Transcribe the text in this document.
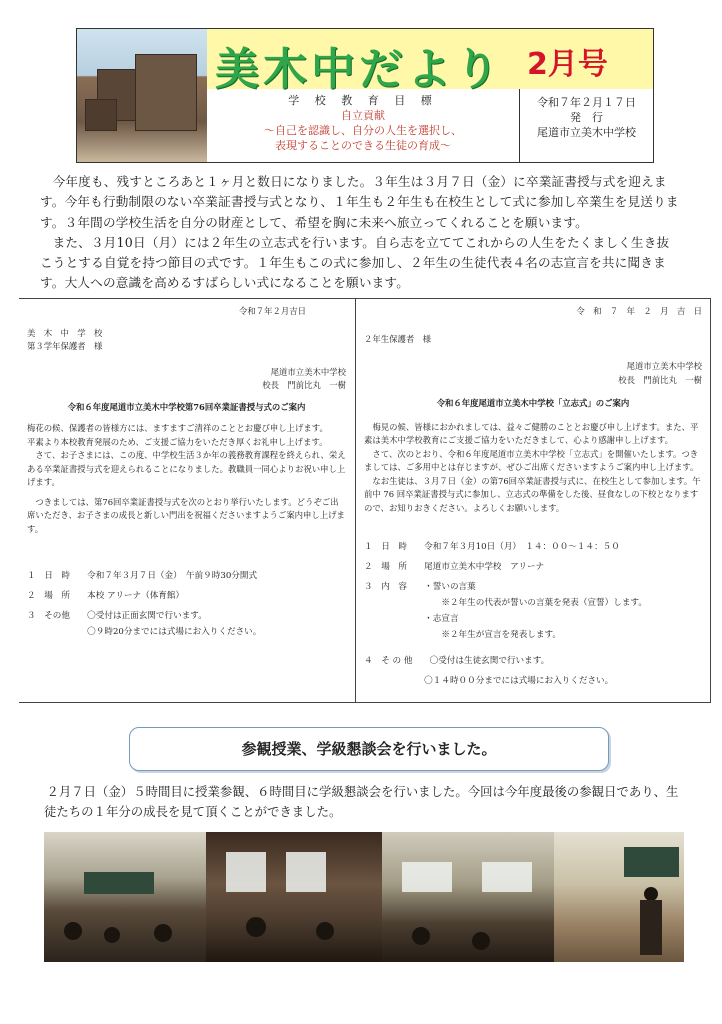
美木中だより 2月号
学 校 教 育 目 標
自立貢献
～自己を認識し、自分の人生を選択し、
表現することのできる生徒の育成～
令和７年２月１７日
発　行
尾道市立美木中学校

今年度も、残すところあと１ヶ月と数日になりました。３年生は３月７日（金）に卒業証書授与式を迎えます。今年も行動制限のない卒業証書授与式となり、１年生も２年生も在校生として式に参加し卒業生を見送ります。３年間の学校生活を自分の財産として、希望を胸に未来へ旅立ってくれることを願います。

また、３月10日（月）には２年生の立志式を行います。自ら志を立ててこれからの人生をたくましく生き抜こうとする自覚を持つ節目の式です。１年生もこの式に参加し、２年生の生徒代表４名の志宣言を共に聞きます。大人への意識を高めるすばらしい式になることを願います。

令和７年２月吉日

美　木　中　学　校

第３学年保護者　様

尾道市立美木中学校

校長　門前比丸　一樹

令和６年度尾道市立美木中学校第76回卒業証書授与式のご案内

梅花の候、保護者の皆様方には、ますますご清祥のこととお慶び申し上げます。

平素より本校教育発展のため、ご支援ご協力をいただき厚くお礼申し上げます。

さて、お子さまには、この度、中学校生活３か年の義務教育課程を終えられ、栄えある卒業証書授与式を迎えられることになりました。教職員一同心よりお祝い申し上げます。

つきましては、第76回卒業証書授与式を次のとおり挙行いたします。どうぞご出席いただき、お子さまの成長と新しい門出を祝福くださいますようご案内申し上げます。

１　日　時　　令和７年３月７日（金）　午前９時30分開式
２　場　所　　本校 アリーナ（体育館）
３　その他　　〇受付は正面玄関で行います。
　　　　　　　〇９時20分までには式場にお入りください。

令　和　７　年　２　月　吉　日

２年生保護者　様

尾道市立美木中学校

校長　門前比丸　一樹

令和６年度尾道市立美木中学校「立志式」のご案内

梅見の候、皆様におかれましては、益々ご健勝のこととお慶び申し上げます。また、平素は美木中学校教育にご支援ご協力をいただきまして、心より感謝申し上げます。

さて、次のとおり、令和６年度尾道市立美木中学校「立志式」を開催いたします。つきましては、ご多用中とは存じますが、ぜひご出席くださいますようご案内申し上げます。

なお生徒は、３月７日（金）の第76回卒業証書授与式に、在校生として参加します。午前中 76 回卒業証書授与式に参加し、立志式の準備をした後、昼食なしの下校となりますので、お知りおきください。よろしくお願いします。

１　日　時　　令和７年３月10日（月）　１４：００～１４：５０
２　場　所　　尾道市立美木中学校　アリーナ
３　内　容　　・誓いの言葉
　　　　　　　　　※２年生の代表が誓いの言葉を発表（宣誓）します。
　　　　　　　・志宣言
　　　　　　　　　※２年生が宣言を発表します。
４　そ の 他　　〇受付は生徒玄関で行います。
　　　　　　　〇１４時００分までには式場にお入りください。
参観授業、学級懇談会を行いました。

２月７日（金）５時間目に授業参観、６時間目に学級懇談会を行いました。今回は今年度最後の参観日であり、生徒たちの１年分の成長を見て頂くことができました。
